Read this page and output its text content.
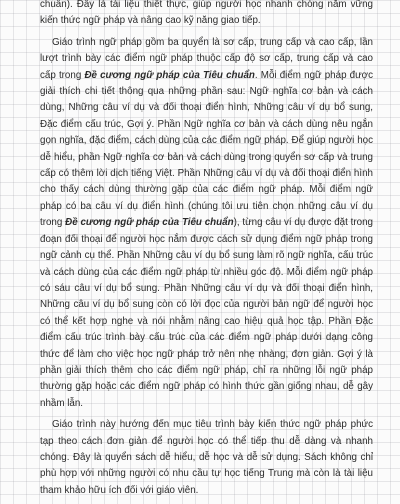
chuẩn). Đây là tài liệu thiết thực, giúp người học nhanh chóng nắm vững kiến thức ngữ pháp và nâng cao kỹ năng giao tiếp.

Giáo trình ngữ pháp gồm ba quyển là sơ cấp, trung cấp và cao cấp, lần lượt trình bày các điểm ngữ pháp thuộc cấp độ sơ cấp, trung cấp và cao cấp trong Đề cương ngữ pháp của Tiêu chuẩn. Mỗi điểm ngữ pháp được giải thích chi tiết thông qua những phần sau: Ngữ nghĩa cơ bản và cách dùng, Những câu ví dụ và đối thoại điển hình, Những câu ví dụ bổ sung, Đặc điểm cấu trúc, Gợi ý. Phần Ngữ nghĩa cơ bản và cách dùng nêu ngắn gọn nghĩa, đặc điểm, cách dùng của các điểm ngữ pháp. Để giúp người học dễ hiểu, phần Ngữ nghĩa cơ bản và cách dùng trong quyển sơ cấp và trung cấp có thêm lời dịch tiếng Việt. Phần Những câu ví dụ và đối thoại điển hình cho thấy cách dùng thường gặp của các điểm ngữ pháp. Mỗi điểm ngữ pháp có ba câu ví dụ điển hình (chúng tôi ưu tiên chọn những câu ví dụ trong Đề cương ngữ pháp của Tiêu chuẩn), từng câu ví dụ được đặt trong đoạn đối thoại để người học nắm được cách sử dụng điểm ngữ pháp trong ngữ cảnh cụ thể. Phần Những câu ví dụ bổ sung làm rõ ngữ nghĩa, cấu trúc và cách dùng của các điểm ngữ pháp từ nhiều góc độ. Mỗi điểm ngữ pháp có sáu câu ví dụ bổ sung. Phần Những câu ví dụ và đối thoại điển hình, Những câu ví dụ bổ sung còn có lời đọc của người bản ngữ để người học có thể kết hợp nghe và nói nhằm nâng cao hiệu quả học tập. Phần Đặc điểm cấu trúc trình bày cấu trúc của các điểm ngữ pháp dưới dạng công thức để làm cho việc học ngữ pháp trở nên nhẹ nhàng, đơn giản. Gợi ý là phần giải thích thêm cho các điểm ngữ pháp, chỉ ra những lỗi ngữ pháp thường gặp hoặc các điểm ngữ pháp có hình thức gần giống nhau, dễ gây nhầm lẫn.

Giáo trình này hướng đến mục tiêu trình bày kiến thức ngữ pháp phức tạp theo cách đơn giản để người học có thể tiếp thu dễ dàng và nhanh chóng. Đây là quyển sách dễ hiểu, dễ học và dễ sử dụng. Sách không chỉ phù hợp với những người có nhu cầu tự học tiếng Trung mà còn là tài liệu tham khảo hữu ích đối với giáo viên.
